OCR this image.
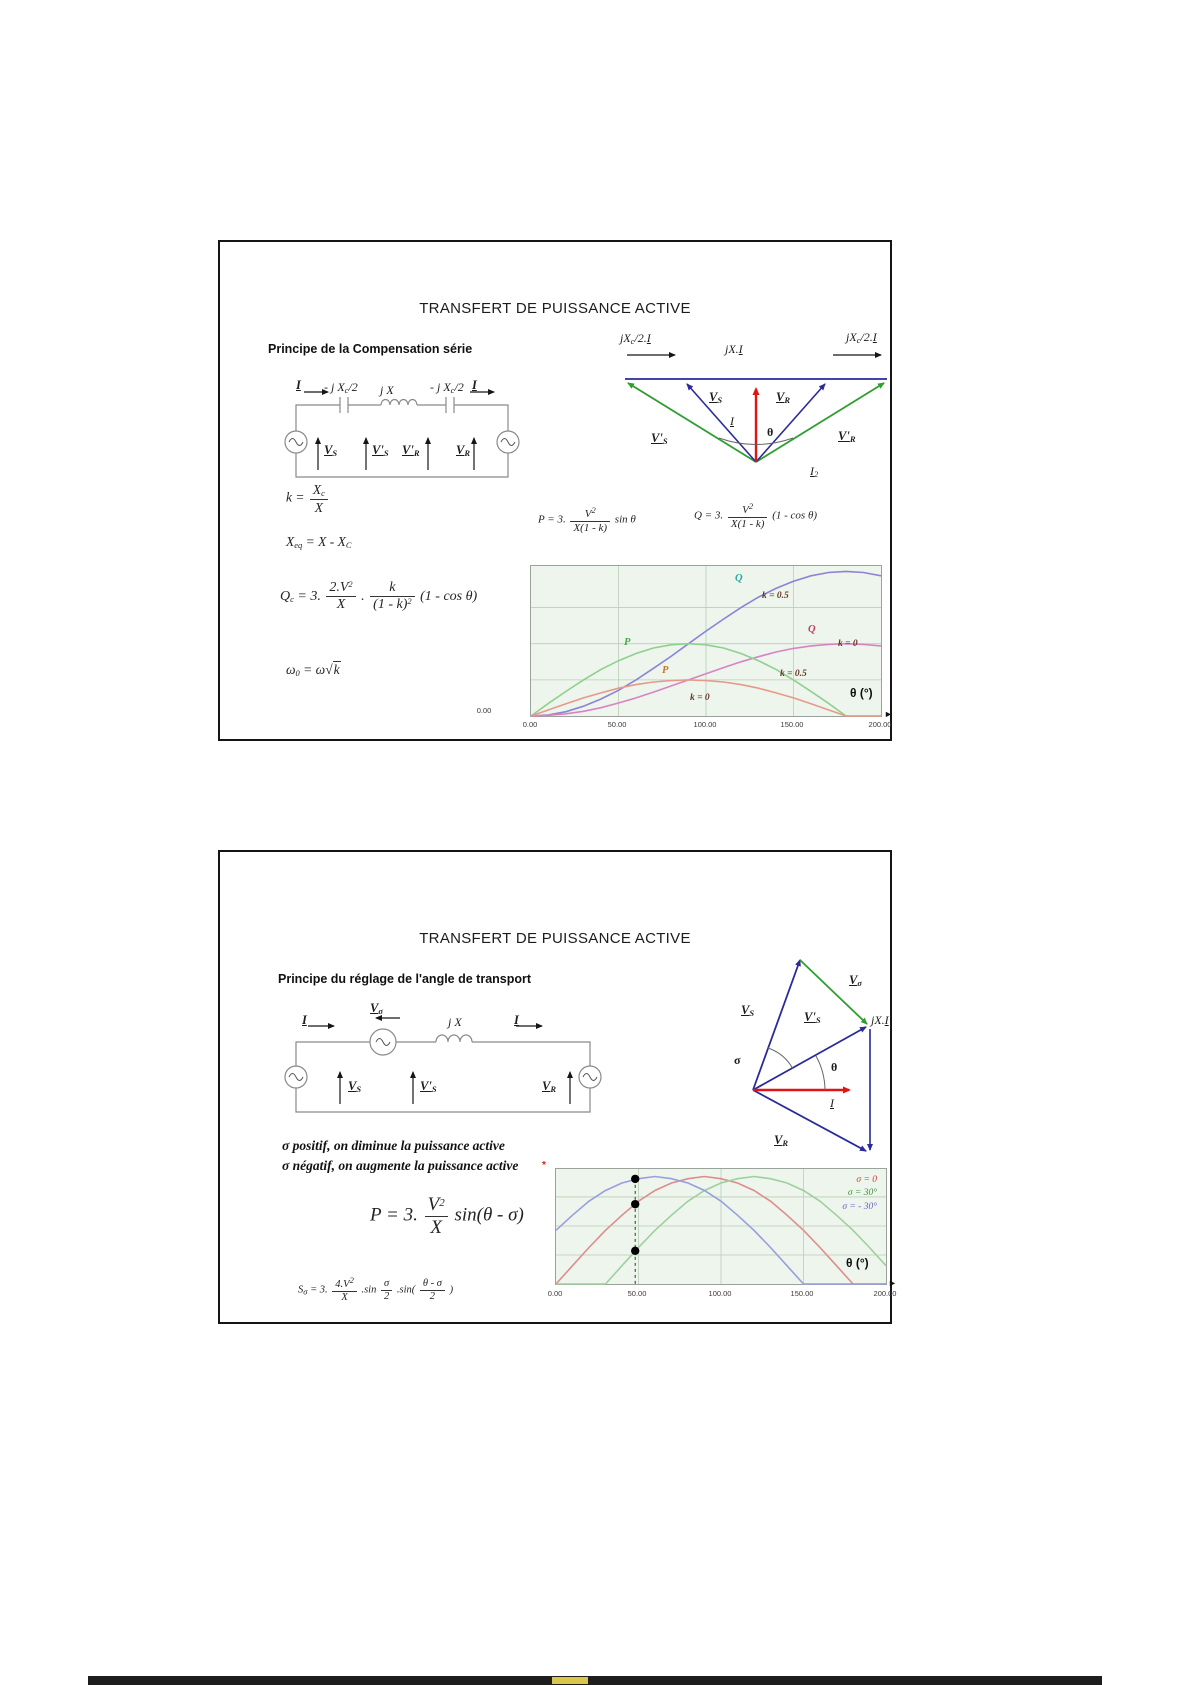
TRANSFERT DE PUISSANCE ACTIVE
Principe de la Compensation série
I - j $X_c/2$ j X	- j $X_c/2$ I
$V_S$	$V'_S$ $V'_R$	$V_R$
$jX_c/2.I$
jX.I
$jX_c/2.I$
$V_S$	$V_R$
$V'_S$	$V'_R$
I
θ
$I_2$
$k = \frac{X_c}{X}$
$X_{eq} = X - X_C$
$Q_c = 3$. $\frac{2.V^2}{X}$ . $\frac{k}{(1 - k)^2} (1$ - cos θ)
$\omega_0 = \omega√k$
P = 3. $\frac{V^2}{X(1 - k)}$ sin θ	Q = 3. $\frac{V^2}{X(1 - k)} (1$ - cos θ)
Q
k = 0.5
Q
k = 0
P
k = 0.5
P
k = 0
0.00
0.00	50.00	100.00	150.00	200.00
θ (°)
►
TRANSFERT DE PUISSANCE ACTIVE
Principe du réglage de l'angle de transport
I
$V_\sigma$
j X	I
$V_S$	$V'_S$	$V_R$
$V_S$	$V'_S$
$V_\sigma$
σ	θ
jX.I
I
$V_R$
σ positif, on diminue la puissance active
σ négatif, on augmente la puissance active
P = 3. $\frac{V^2}{X} \sin(\theta - \sigma)$
$S_\sigma = 3$. $\frac{4.V^2}{X} .\sin \frac{\sigma}{2} .\sin( \frac{\theta - \sigma}{2}$ )
*
σ = 0
σ = 30°
σ = - 30°
0.00	50.00	100.00	150.00	200.00
θ (°)
►
